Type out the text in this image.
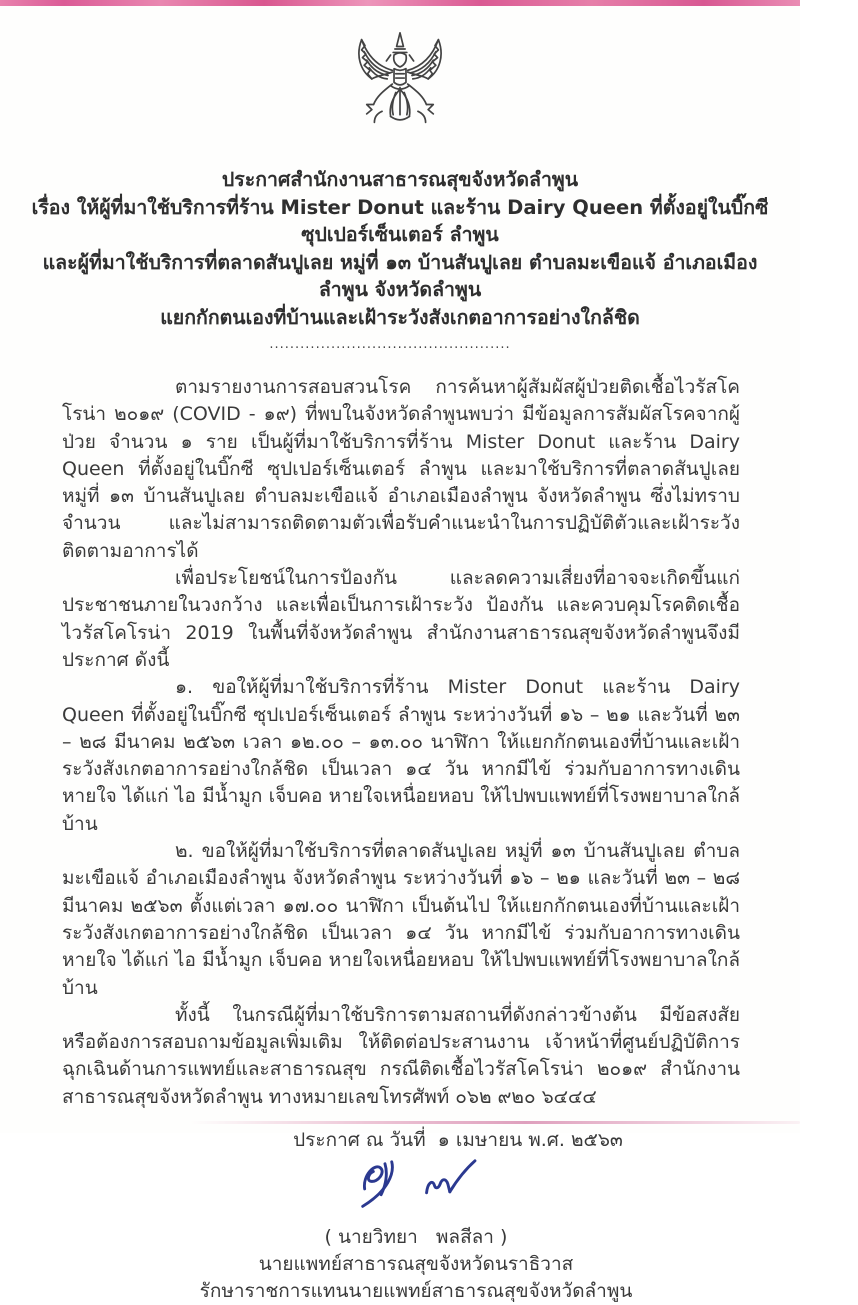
ประกาศสำนักงานสาธารณสุขจังหวัดลำพูน
เรื่อง ให้ผู้ที่มาใช้บริการที่ร้าน Mister Donut และร้าน Dairy Queen ที่ตั้งอยู่ในบิ๊กซี ซุปเปอร์เซ็นเตอร์ ลำพูน
และผู้ที่มาใช้บริการที่ตลาดสันปูเลย หมู่ที่ ๑๓ บ้านสันปูเลย ตำบลมะเขือแจ้ อำเภอเมืองลำพูน จังหวัดลำพูน
แยกกักตนเองที่บ้านและเฝ้าระวังสังเกตอาการอย่างใกล้ชิด
...............................................

ตามรายงานการสอบสวนโรค การค้นหาผู้สัมผัสผู้ป่วยติดเชื้อไวรัสโคโรน่า ๒๐๑๙ (COVID - ๑๙) ที่พบในจังหวัดลำพูนพบว่า มีข้อมูลการสัมผัสโรคจากผู้ป่วย จำนวน ๑ ราย เป็นผู้ที่มาใช้บริการที่ร้าน Mister Donut และร้าน Dairy Queen ที่ตั้งอยู่ในบิ๊กซี ซุปเปอร์เซ็นเตอร์ ลำพูน และมาใช้บริการที่ตลาดสันปูเลย หมู่ที่ ๑๓ บ้านสันปูเลย ตำบลมะเขือแจ้ อำเภอเมืองลำพูน จังหวัดลำพูน ซึ่งไม่ทราบจำนวน และไม่สามารถติดตามตัวเพื่อรับคำแนะนำในการปฏิบัติตัวและเฝ้าระวังติดตามอาการได้

เพื่อประโยชน์ในการป้องกัน และลดความเสี่ยงที่อาจจะเกิดขึ้นแก่ประชาชนภายในวงกว้าง และเพื่อเป็นการเฝ้าระวัง ป้องกัน และควบคุมโรคติดเชื้อไวรัสโคโรน่า 2019 ในพื้นที่จังหวัดลำพูน สำนักงานสาธารณสุขจังหวัดลำพูนจึงมีประกาศ ดังนี้

๑. ขอให้ผู้ที่มาใช้บริการที่ร้าน Mister Donut และร้าน Dairy Queen ที่ตั้งอยู่ในบิ๊กซี ซุปเปอร์เซ็นเตอร์ ลำพูน ระหว่างวันที่ ๑๖ – ๒๑ และวันที่ ๒๓ – ๒๘ มีนาคม ๒๕๖๓ เวลา ๑๒.๐๐ – ๑๓.๐๐ นาฬิกา ให้แยกกักตนเองที่บ้านและเฝ้าระวังสังเกตอาการอย่างใกล้ชิด เป็นเวลา ๑๔ วัน หากมีไข้ ร่วมกับอาการทางเดินหายใจ ได้แก่ ไอ มีน้ำมูก เจ็บคอ หายใจเหนื่อยหอบ ให้ไปพบแพทย์ที่โรงพยาบาลใกล้บ้าน

๒. ขอให้ผู้ที่มาใช้บริการที่ตลาดสันปูเลย หมู่ที่ ๑๓ บ้านสันปูเลย ตำบลมะเขือแจ้ อำเภอเมืองลำพูน จังหวัดลำพูน ระหว่างวันที่ ๑๖ – ๒๑ และวันที่ ๒๓ – ๒๘ มีนาคม ๒๕๖๓ ตั้งแต่เวลา ๑๗.๐๐ นาฬิกา เป็นต้นไป ให้แยกกักตนเองที่บ้านและเฝ้าระวังสังเกตอาการอย่างใกล้ชิด เป็นเวลา ๑๔ วัน หากมีไข้ ร่วมกับอาการทางเดินหายใจ ได้แก่ ไอ มีน้ำมูก เจ็บคอ หายใจเหนื่อยหอบ ให้ไปพบแพทย์ที่โรงพยาบาลใกล้บ้าน

ทั้งนี้ ในกรณีผู้ที่มาใช้บริการตามสถานที่ดังกล่าวข้างต้น มีข้อสงสัยหรือต้องการสอบถามข้อมูลเพิ่มเติม ให้ติดต่อประสานงาน เจ้าหน้าที่ศูนย์ปฏิบัติการฉุกเฉินด้านการแพทย์และสาธารณสุข กรณีติดเชื้อไวรัสโคโรน่า ๒๐๑๙ สำนักงานสาธารณสุขจังหวัดลำพูน ทางหมายเลขโทรศัพท์ ๐๖๒ ๙๒๐ ๖๔๔๔

ประกาศ ณ วันที่  ๑ เมษายน พ.ศ. ๒๕๖๓
( นายวิทยา   พลสีลา )
นายแพทย์สาธารณสุขจังหวัดนราธิวาส
รักษาราชการแทนนายแพทย์สาธารณสุขจังหวัดลำพูน
